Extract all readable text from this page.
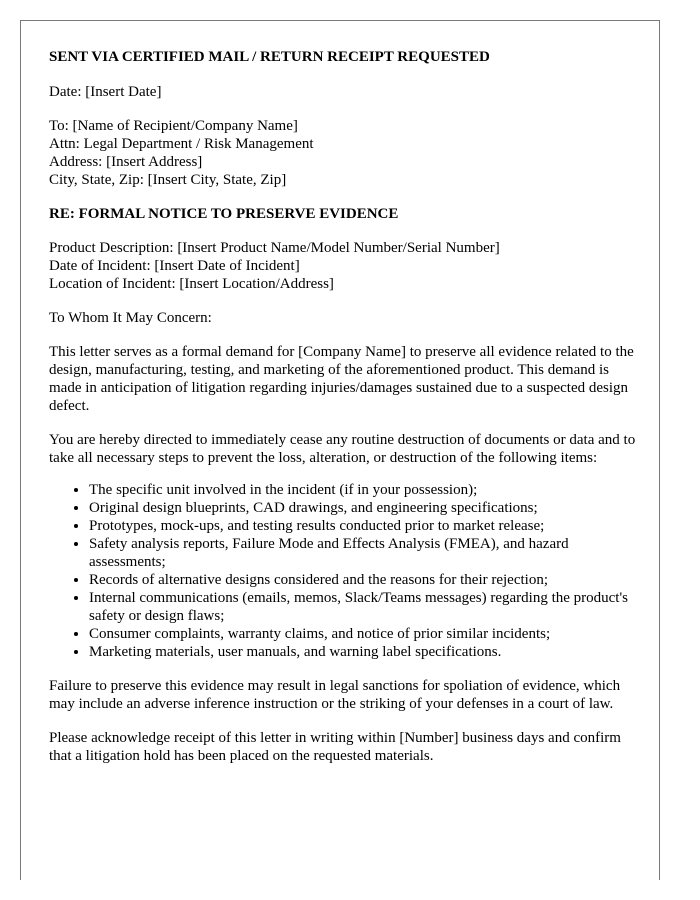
SENT VIA CERTIFIED MAIL / RETURN RECEIPT REQUESTED
Date: [Insert Date]
To: [Name of Recipient/Company Name]
Attn: Legal Department / Risk Management
Address: [Insert Address]
City, State, Zip: [Insert City, State, Zip]
RE: FORMAL NOTICE TO PRESERVE EVIDENCE
Product Description: [Insert Product Name/Model Number/Serial Number]
Date of Incident: [Insert Date of Incident]
Location of Incident: [Insert Location/Address]

To Whom It May Concern:

This letter serves as a formal demand for [Company Name] to preserve all evidence related to the design, manufacturing, testing, and marketing of the aforementioned product. This demand is made in anticipation of litigation regarding injuries/damages sustained due to a suspected design defect.

You are hereby directed to immediately cease any routine destruction of documents or data and to take all necessary steps to prevent the loss, alteration, or destruction of the following items:

• The specific unit involved in the incident (if in your possession);
• Original design blueprints, CAD drawings, and engineering specifications;
• Prototypes, mock-ups, and testing results conducted prior to market release;
• Safety analysis reports, Failure Mode and Effects Analysis (FMEA), and hazard assessments;
• Records of alternative designs considered and the reasons for their rejection;
• Internal communications (emails, memos, Slack/Teams messages) regarding the product's safety or design flaws;
• Consumer complaints, warranty claims, and notice of prior similar incidents;
• Marketing materials, user manuals, and warning label specifications.

Failure to preserve this evidence may result in legal sanctions for spoliation of evidence, which may include an adverse inference instruction or the striking of your defenses in a court of law.

Please acknowledge receipt of this letter in writing within [Number] business days and confirm that a litigation hold has been placed on the requested materials.
